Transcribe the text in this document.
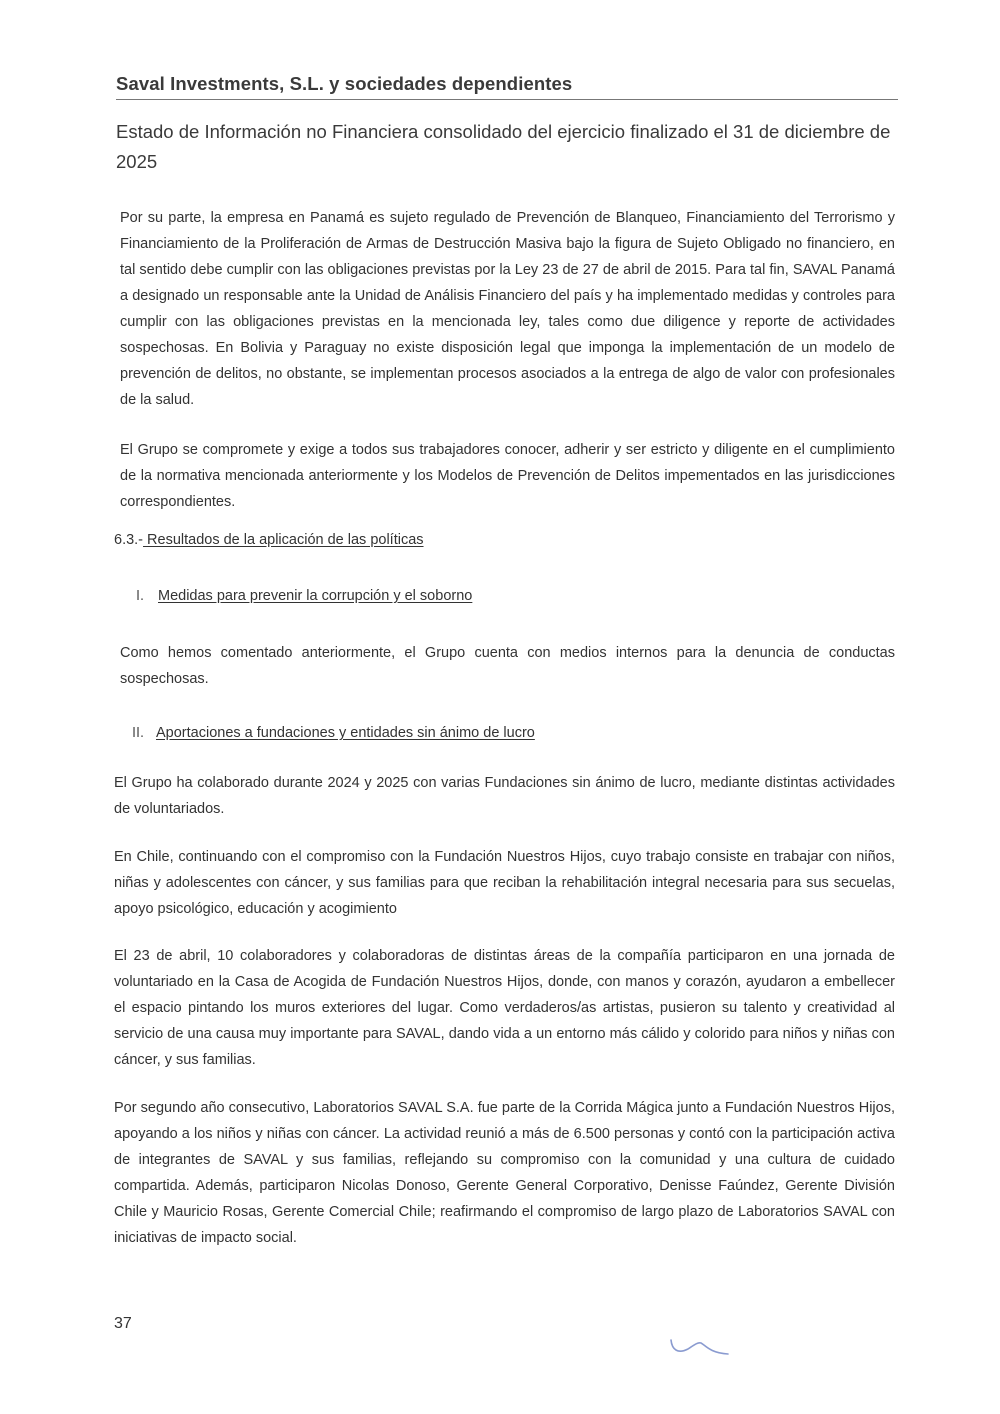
Saval Investments, S.L. y sociedades dependientes
Estado de Información no Financiera consolidado del ejercicio finalizado el 31 de diciembre de 2025

Por su parte, la empresa en Panamá es sujeto regulado de Prevención de Blanqueo, Financiamiento del Terrorismo y Financiamiento de la Proliferación de Armas de Destrucción Masiva bajo la figura de Sujeto Obligado no financiero, en tal sentido debe cumplir con las obligaciones previstas por la Ley 23 de 27 de abril de 2015. Para tal fin, SAVAL Panamá a designado un responsable ante la Unidad de Análisis Financiero del país y ha implementado medidas y controles para cumplir con las obligaciones previstas en la mencionada ley, tales como due diligence y reporte de actividades sospechosas. En Bolivia y Paraguay no existe disposición legal que imponga la implementación de un modelo de prevención de delitos, no obstante, se implementan procesos asociados a la entrega de algo de valor con profesionales de la salud.

El Grupo se compromete y exige a todos sus trabajadores conocer, adherir y ser estricto y diligente en el cumplimiento de la normativa mencionada anteriormente y los Modelos de Prevención de Delitos impementados en las jurisdicciones correspondientes.

6.3.- Resultados de la aplicación de las políticas
I. Medidas para prevenir la corrupción y el soborno

Como hemos comentado anteriormente, el Grupo cuenta con medios internos para la denuncia de conductas sospechosas.

II. Aportaciones a fundaciones y entidades sin ánimo de lucro

El Grupo ha colaborado durante 2024 y 2025 con varias Fundaciones sin ánimo de lucro, mediante distintas actividades de voluntariados.

En Chile, continuando con el compromiso con la Fundación Nuestros Hijos, cuyo trabajo consiste en trabajar con niños, niñas y adolescentes con cáncer, y sus familias para que reciban la rehabilitación integral necesaria para sus secuelas, apoyo psicológico, educación y acogimiento

El 23 de abril, 10 colaboradores y colaboradoras de distintas áreas de la compañía participaron en una jornada de voluntariado en la Casa de Acogida de Fundación Nuestros Hijos, donde, con manos y corazón, ayudaron a embellecer el espacio pintando los muros exteriores del lugar. Como verdaderos/as artistas, pusieron su talento y creatividad al servicio de una causa muy importante para SAVAL, dando vida a un entorno más cálido y colorido para niños y niñas con cáncer, y sus familias.

Por segundo año consecutivo, Laboratorios SAVAL S.A. fue parte de la Corrida Mágica junto a Fundación Nuestros Hijos, apoyando a los niños y niñas con cáncer. La actividad reunió a más de 6.500 personas y contó con la participación activa de integrantes de SAVAL y sus familias, reflejando su compromiso con la comunidad y una cultura de cuidado compartida. Además, participaron Nicolas Donoso, Gerente General Corporativo, Denisse Faúndez, Gerente División Chile y Mauricio Rosas, Gerente Comercial Chile; reafirmando el compromiso de largo plazo de Laboratorios SAVAL con iniciativas de impacto social.

37
